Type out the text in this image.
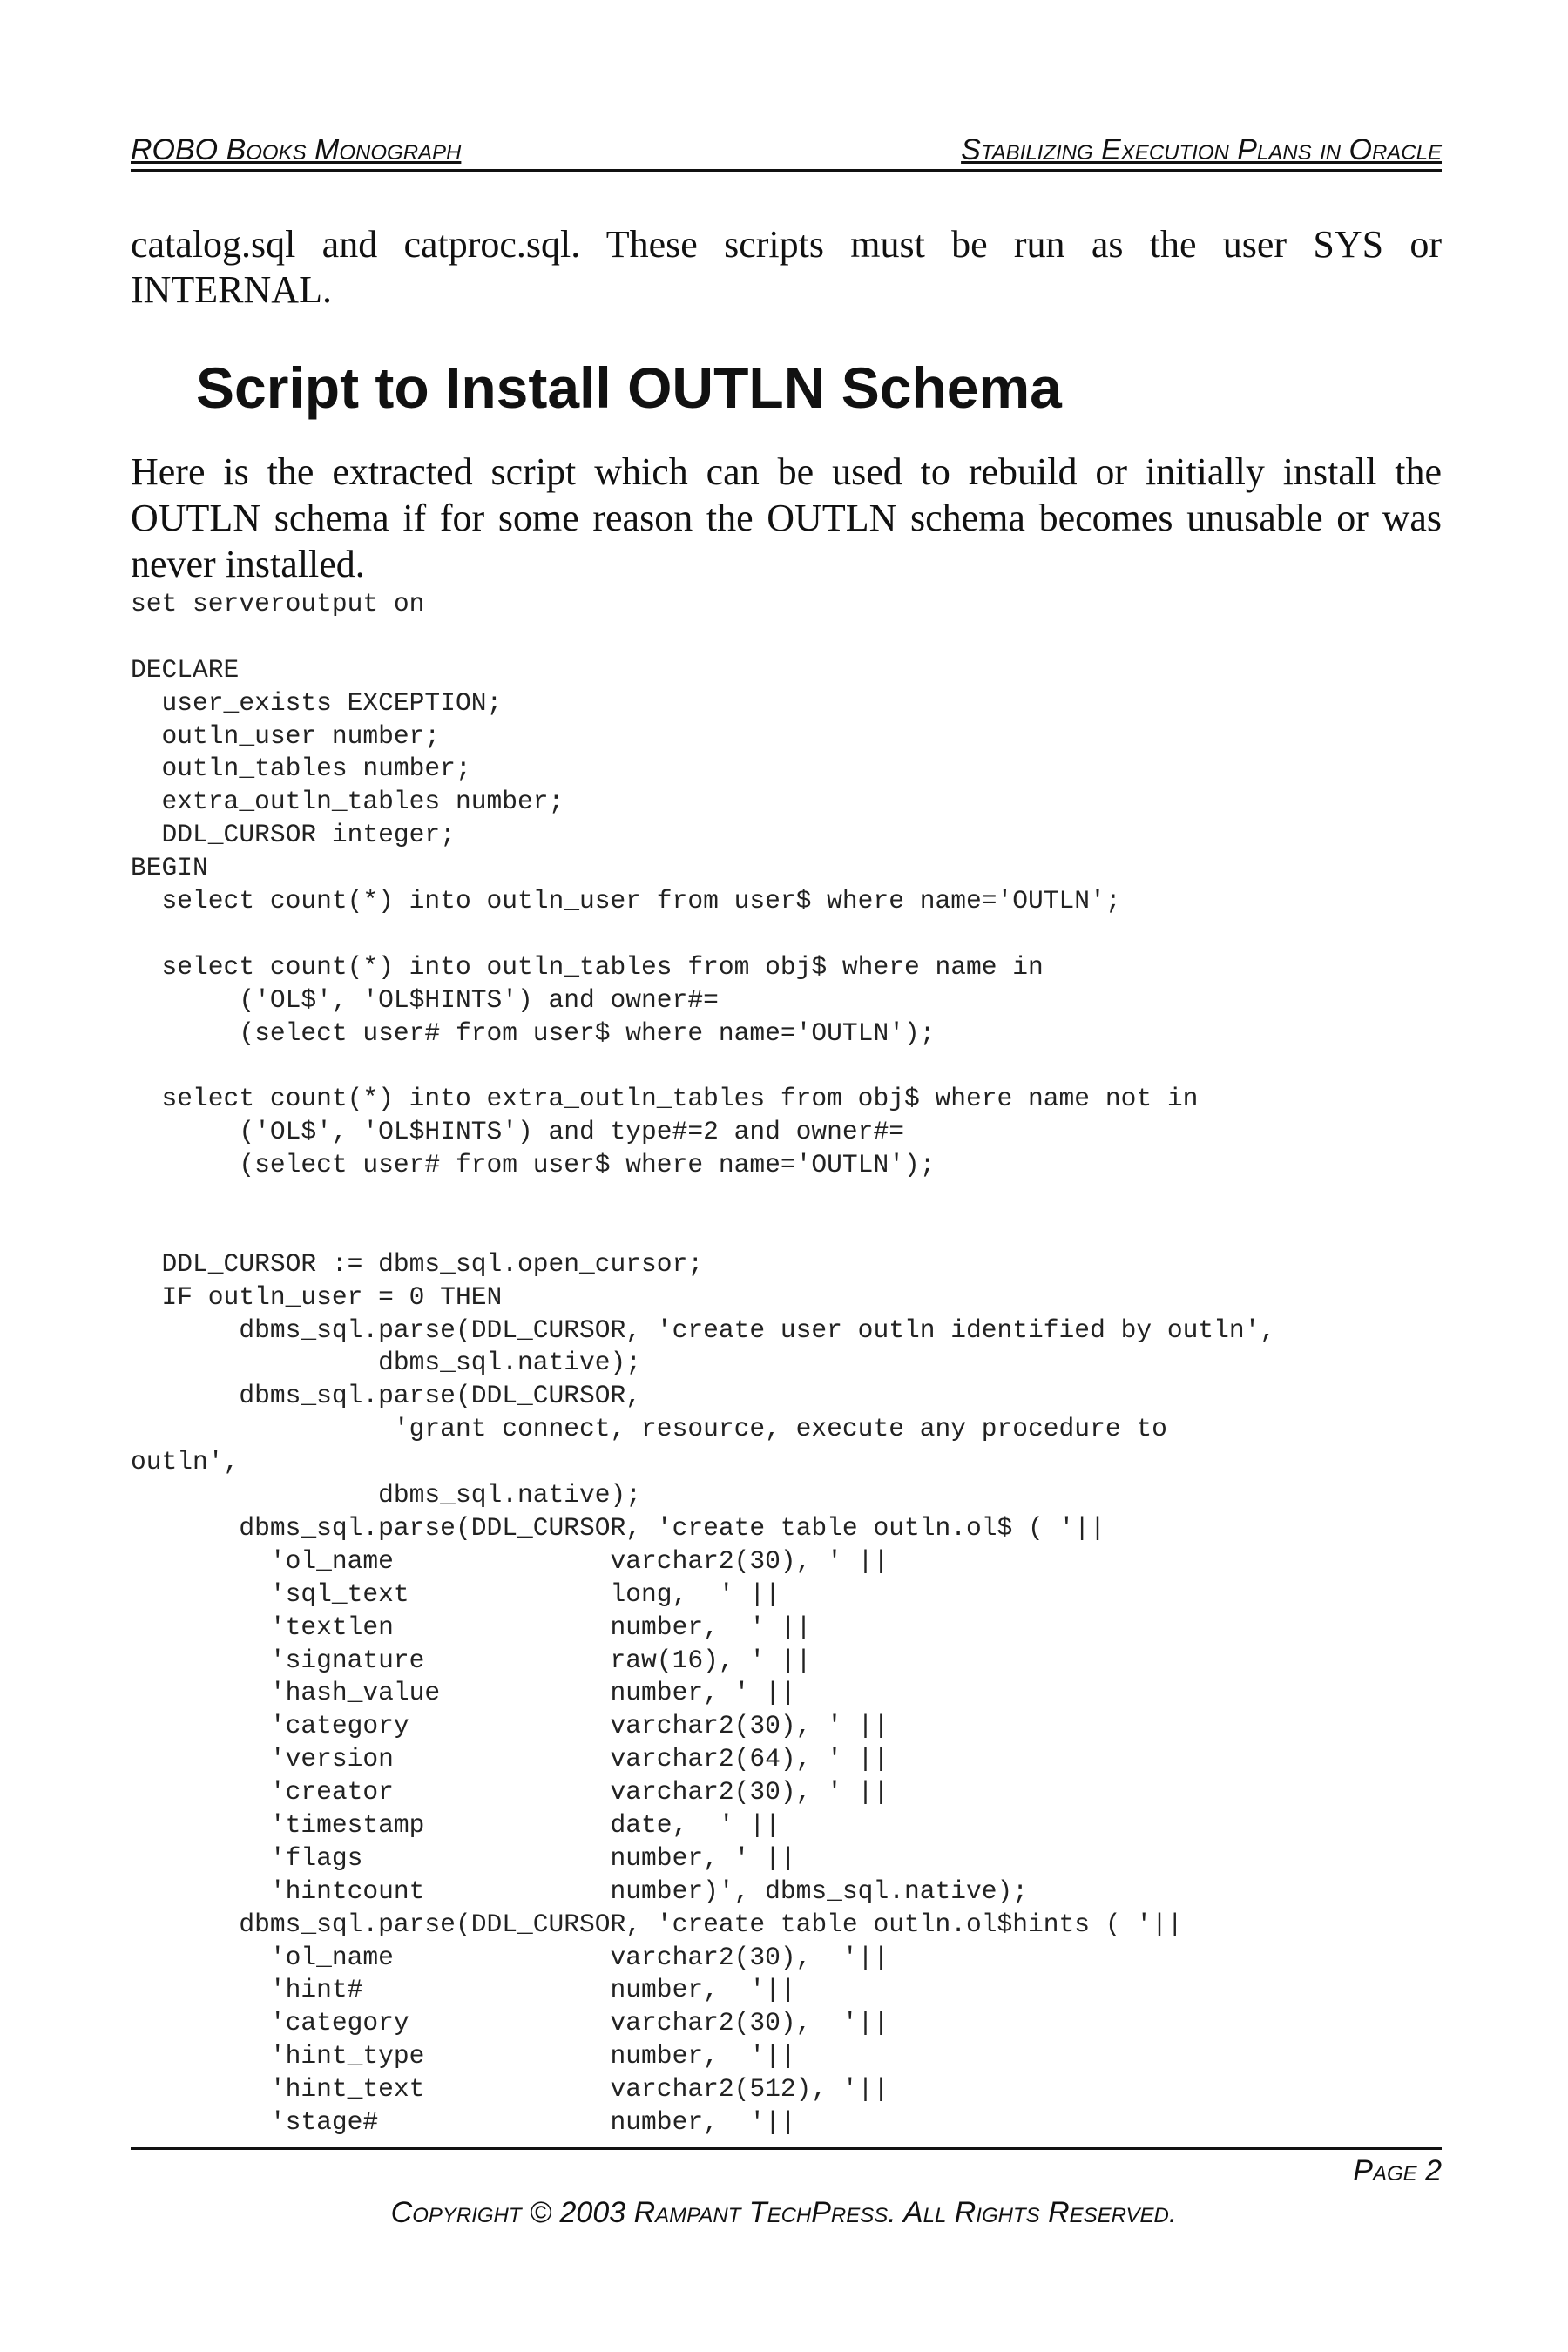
ROBO Books Monograph	Stabilizing Execution Plans in Oracle

catalog.sql and catproc.sql. These scripts must be run as the user SYS or INTERNAL.

Script to Install OUTLN Schema

Here is the extracted script which can be used to rebuild or initially install the OUTLN schema if for some reason the OUTLN schema becomes unusable or was never installed.

set serveroutput on
DECLARE
user_exists EXCEPTION;
outln_user number;
outln_tables number;
extra_outln_tables number;
DDL_CURSOR integer;
BEGIN
select count(*) into outln_user from user$ where name='OUTLN';
select count(*) into outln_tables from obj$ where name in
('OL$', 'OL$HINTS') and owner#=
(select user# from user$ where name='OUTLN');
select count(*) into extra_outln_tables from obj$ where name not in
('OL$', 'OL$HINTS') and type#=2 and owner#=
(select user# from user$ where name='OUTLN');
DDL_CURSOR := dbms_sql.open_cursor;
IF outln_user = 0 THEN
dbms_sql.parse(DDL_CURSOR, 'create user outln identified by outln',
dbms_sql.native);
dbms_sql.parse(DDL_CURSOR,
'grant connect, resource, execute any procedure to
outln',
dbms_sql.native);
dbms_sql.parse(DDL_CURSOR, 'create table outln.ol$ ( '||
'ol_name              varchar2(30), ' ||
'sql_text             long,  ' ||
'textlen              number,  ' ||
'signature            raw(16), ' ||
'hash_value           number, ' ||
'category             varchar2(30), ' ||
'version              varchar2(64), ' ||
'creator              varchar2(30), ' ||
'timestamp            date,  ' ||
'flags                number, ' ||
'hintcount            number)', dbms_sql.native);
dbms_sql.parse(DDL_CURSOR, 'create table outln.ol$hints ( '||
'ol_name              varchar2(30),  '||
'hint#                number,  '||
'category             varchar2(30),  '||
'hint_type            number,  '||
'hint_text            varchar2(512), '||
'stage#               number,  '||
Page 2
Copyright © 2003 Rampant TechPress. All Rights Reserved.
